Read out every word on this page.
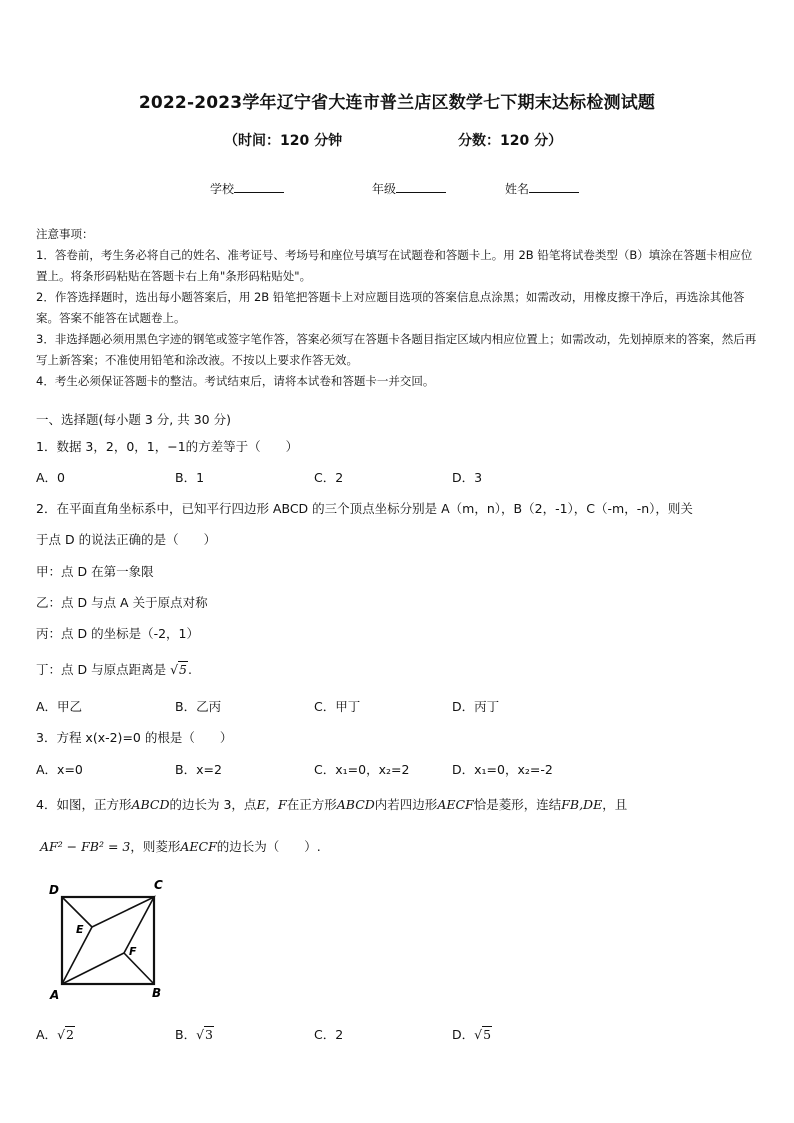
2022-2023学年辽宁省大连市普兰店区数学七下期末达标检测试题
（时间：120 分钟	分数：120 分）
学校	年级	姓名
注意事项：
1．答卷前，考生务必将自己的姓名、准考证号、考场号和座位号填写在试题卷和答题卡上。用 2B 铅笔将试卷类型（B）填涂在答题卡相应位置上。将条形码粘贴在答题卡右上角"条形码粘贴处"。
2．作答选择题时，选出每小题答案后，用 2B 铅笔把答题卡上对应题目选项的答案信息点涂黑；如需改动，用橡皮擦干净后，再选涂其他答案。答案不能答在试题卷上。
3．非选择题必须用黑色字迹的钢笔或签字笔作答，答案必须写在答题卡各题目指定区域内相应位置上；如需改动，先划掉原来的答案，然后再写上新答案；不准使用铅笔和涂改液。不按以上要求作答无效。
4．考生必须保证答题卡的整洁。考试结束后，请将本试卷和答题卡一并交回。
一、选择题(每小题 3 分, 共 30 分)
1．数据 3，2，0，1，−1的方差等于（　　）
A．0	B．1	C．2	D．3
2．在平面直角坐标系中，已知平行四边形 ABCD 的三个顶点坐标分别是 A（m，n），B（2，-1），C（-m，-n），则关
于点 D 的说法正确的是（　　）
甲：点 D 在第一象限
乙：点 D 与点 A 关于原点对称
丙：点 D 的坐标是（-2，1）
丁：点 D 与原点距离是 √5.
A．甲乙	B．乙丙	C．甲丁	D．丙丁
3．方程 x(x-2)=0 的根是（　　）
A．x=0	B．x=2	C．x₁=0，x₂=2	D．x₁=0，x₂=-2
4．如图，正方形ABCD的边长为 3，点E，F在正方形ABCD内若四边形AECF恰是菱形，连结FB,DE，且
AF² − FB² = 3，则菱形AECF的边长为（　　）.
D	C
A	B
E
F
A．√2	B．√3	C．2	D．√5
